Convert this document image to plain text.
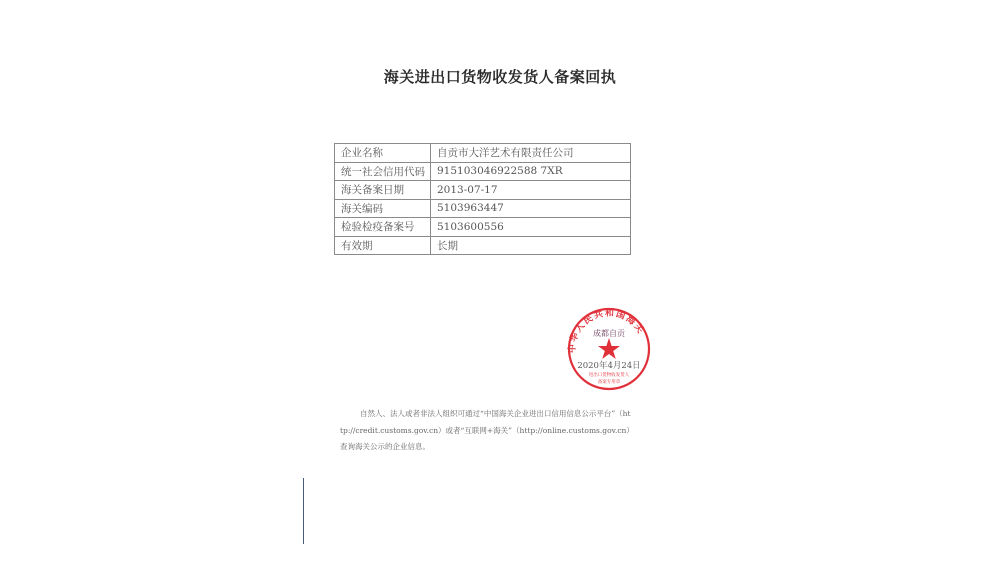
海关进出口货物收发货人备案回执
企业名称	自贡市大洋艺术有限责任公司
统一社会信用代码	915103046922588 7XR
海关备案日期	2013-07-17
海关编码	5103963447
检验检疫备案号	5103600556
有效期	长期
中华人民共和国海关
成都自贡
2020年4月24日
进出口货物收发货人
备案专用章
自然人、法人或者非法人组织可通过“中国海关企业进出口信用信息公示平台”（ht
tp://credit.customs.gov.cn）或者“互联网+海关”（http://online.customs.gov.cn）
查询海关公示的企业信息。
